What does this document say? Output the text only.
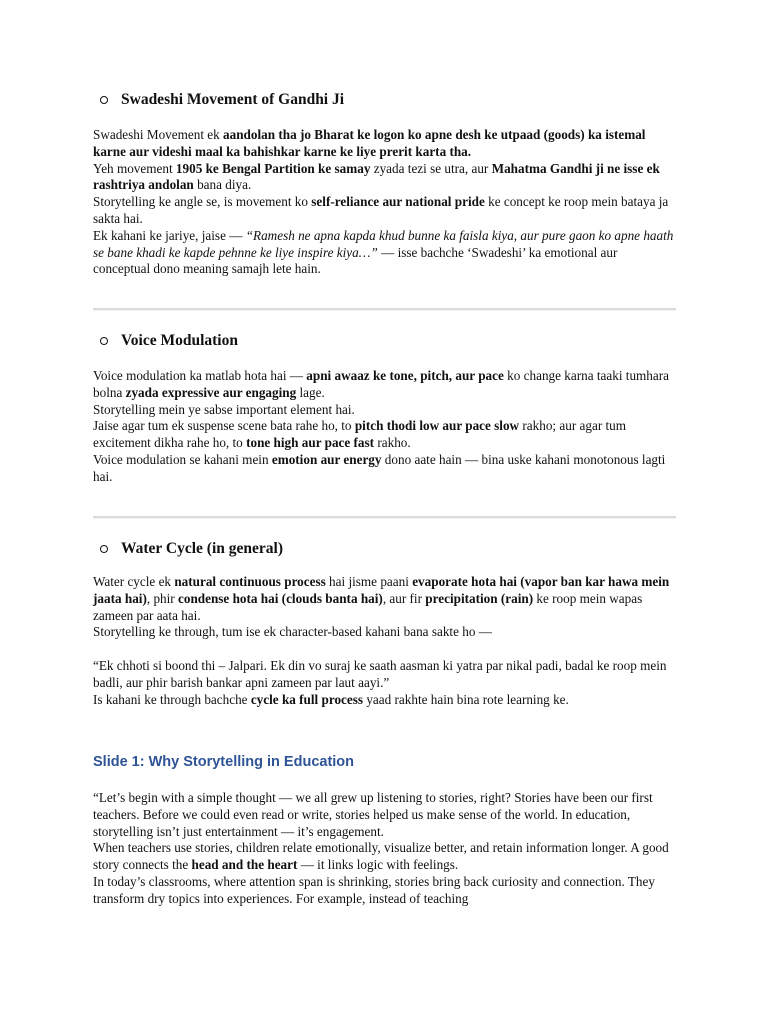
Swadeshi Movement of Gandhi Ji

Swadeshi Movement ek aandolan tha jo Bharat ke logon ko apne desh ke utpaad (goods) ka istemal karne aur videshi maal ka bahishkar karne ke liye prerit karta tha.

Yeh movement 1905 ke Bengal Partition ke samay zyada tezi se utra, aur Mahatma Gandhi ji ne isse ek rashtriya andolan bana diya.

Storytelling ke angle se, is movement ko self-reliance aur national pride ke concept ke roop mein bataya ja sakta hai.

Ek kahani ke jariye, jaise — “Ramesh ne apna kapda khud bunne ka faisla kiya, aur pure gaon ko apne haath se bane khadi ke kapde pehnne ke liye inspire kiya…” — isse bachche ‘Swadeshi’ ka emotional aur conceptual dono meaning samajh lete hain.

Voice Modulation

Voice modulation ka matlab hota hai — apni awaaz ke tone, pitch, aur pace ko change karna taaki tumhara bolna zyada expressive aur engaging lage.

Storytelling mein ye sabse important element hai.

Jaise agar tum ek suspense scene bata rahe ho, to pitch thodi low aur pace slow rakho; aur agar tum excitement dikha rahe ho, to tone high aur pace fast rakho.

Voice modulation se kahani mein emotion aur energy dono aate hain — bina uske kahani monotonous lagti hai.

Water Cycle (in general)

Water cycle ek natural continuous process hai jisme paani evaporate hota hai (vapor ban kar hawa mein jaata hai), phir condense hota hai (clouds banta hai), aur fir precipitation (rain) ke roop mein wapas zameen par aata hai.

Storytelling ke through, tum ise ek character-based kahani bana sakte ho —

“Ek chhoti si boond thi – Jalpari. Ek din vo suraj ke saath aasman ki yatra par nikal padi, badal ke roop mein badli, aur phir barish bankar apni zameen par laut aayi.”

Is kahani ke through bachche cycle ka full process yaad rakhte hain bina rote learning ke.

Slide 1: Why Storytelling in Education

“Let’s begin with a simple thought — we all grew up listening to stories, right? Stories have been our first teachers. Before we could even read or write, stories helped us make sense of the world. In education, storytelling isn’t just entertainment — it’s engagement.

When teachers use stories, children relate emotionally, visualize better, and retain information longer. A good story connects the head and the heart — it links logic with feelings.

In today’s classrooms, where attention span is shrinking, stories bring back curiosity and connection. They transform dry topics into experiences. For example, instead of teaching
